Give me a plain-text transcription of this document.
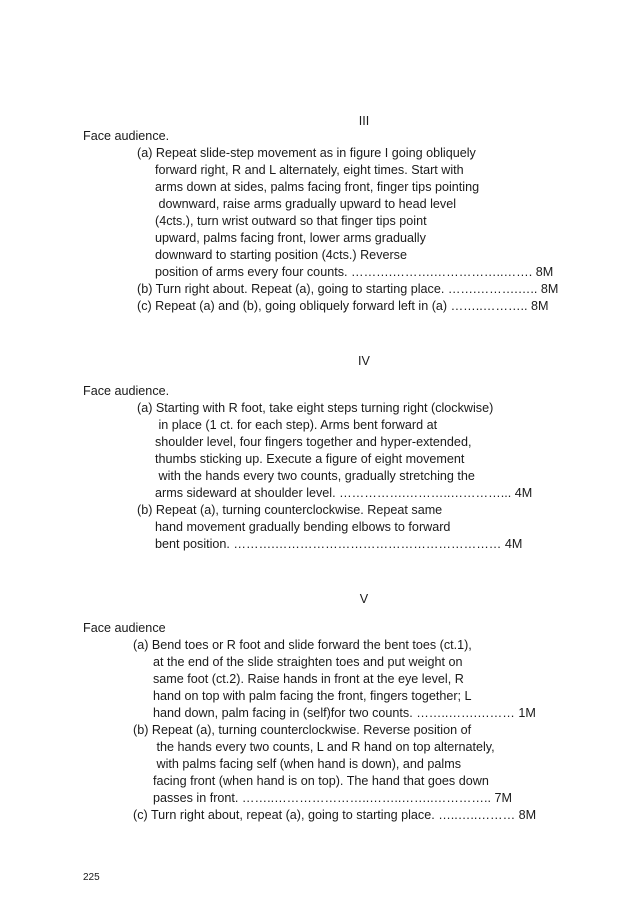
III
Face audience.
(a) Repeat slide-step movement as in figure I going obliquely
forward right, R and L alternately, eight times. Start with
arms down at sides, palms facing front, finger tips pointing
downward, raise arms gradually upward to head level
(4cts.), turn wrist outward so that finger tips point
upward, palms facing front, lower arms gradually
downward to starting position (4cts.) Reverse
position of arms every four counts. ……….……….……………..……. 8M
(b) Turn right about. Repeat (a), going to starting place. …….……….….. 8M
(c) Repeat (a) and (b), going obliquely forward left in (a) ……..……….. 8M
IV
Face audience.
(a) Starting with R foot, take eight steps turning right (clockwise)
in place (1 ct. for each step). Arms bent forward at
shoulder level, four fingers together and hyper-extended,
thumbs sticking up. Execute a figure of eight movement
with the hands every two counts, gradually stretching the
arms sideward at shoulder level. …………….………..…………... 4M
(b) Repeat (a), turning counterclockwise. Repeat same
hand movement gradually bending elbows to forward
bent position. ……….……………………………………………… 4M
V
Face audience
(a) Bend toes or R foot and slide forward the bent toes (ct.1),
at the end of the slide straighten toes and put weight on
same foot (ct.2). Raise hands in front at the eye level, R
hand on top with palm facing the front, fingers together; L
hand down, palm facing in (self)for two counts. ……..…….……… 1M
(b) Repeat (a), turning counterclockwise. Reverse position of
the hands every two counts, L and R hand on top alternately,
with palms facing self (when hand is down), and palms
facing front (when hand is on top). The hand that goes down
passes in front. ……..…………………..……..……..………….. 7M
(c) Turn right about, repeat (a), going to starting place. …..…..……… 8M
225
